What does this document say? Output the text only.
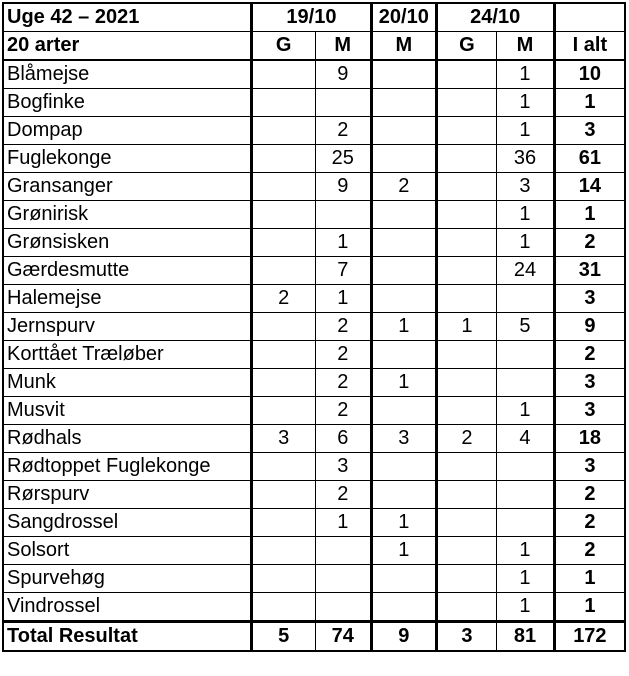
Uge 42 – 2021	19/10		20/10	24/10		
20 arter	G	M	M	G	M	I alt
Blåmejse		9			1	10
Bogfinke					1	1
Dompap		2			1	3
Fuglekonge		25			36	61
Gransanger		9	2		3	14
Grønirisk					1	1
Grønsisken		1			1	2
Gærdesmutte		7			24	31
Halemejse	2	1				3
Jernspurv		2	1	1	5	9
Korttået Træløber		2				2
Munk		2	1			3
Musvit		2			1	3
Rødhals	3	6	3	2	4	18
Rødtoppet Fuglekonge		3				3
Rørspurv		2				2
Sangdrossel		1	1			2
Solsort			1		1	2
Spurvehøg					1	1
Vindrossel					1	1
Total Resultat	5	74	9	3	81	172
